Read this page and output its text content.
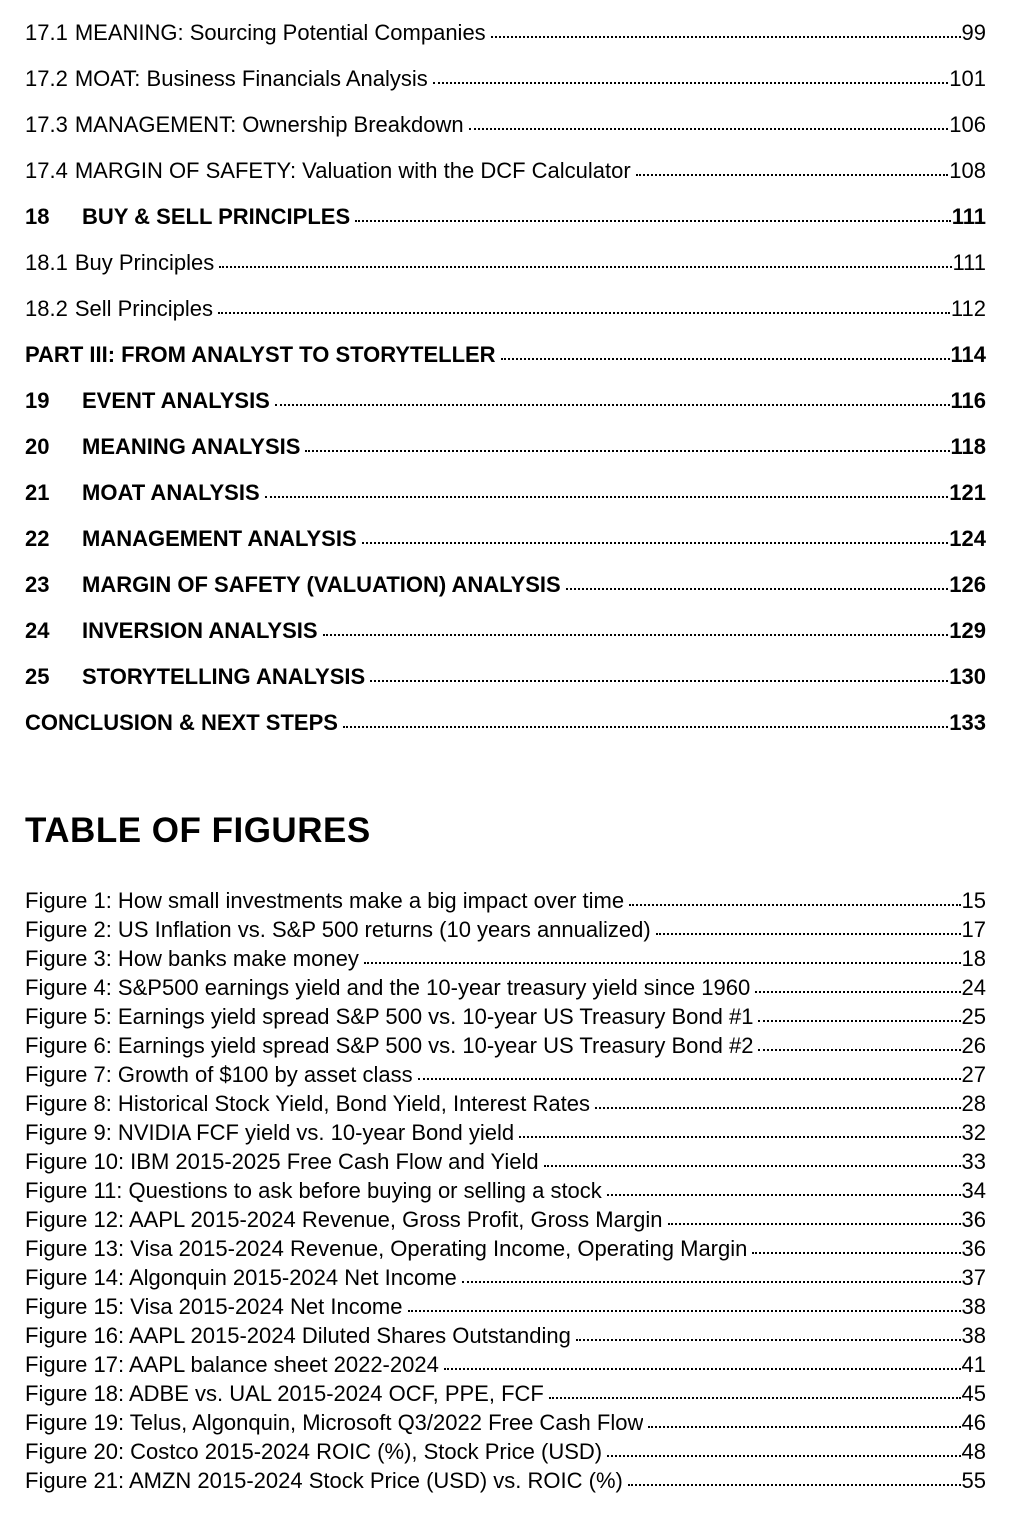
17.1 MEANING: Sourcing Potential Companies	99
17.2 MOAT: Business Financials Analysis	101
17.3 MANAGEMENT: Ownership Breakdown	106
17.4 MARGIN OF SAFETY: Valuation with the DCF Calculator	108
18	BUY & SELL PRINCIPLES	111
18.1 Buy Principles	111
18.2 Sell Principles	112
PART III: FROM ANALYST TO STORYTELLER	114
19	EVENT ANALYSIS	116
20	MEANING ANALYSIS	118
21	MOAT ANALYSIS	121
22	MANAGEMENT ANALYSIS	124
23	MARGIN OF SAFETY (VALUATION) ANALYSIS	126
24	INVERSION ANALYSIS	129
25	STORYTELLING ANALYSIS	130
CONCLUSION & NEXT STEPS	133
TABLE OF FIGURES
Figure 1: How small investments make a big impact over time	15
Figure 2: US Inflation vs. S&P 500 returns (10 years annualized)	17
Figure 3: How banks make money	18
Figure 4: S&P500 earnings yield and the 10-year treasury yield since 1960	24
Figure 5: Earnings yield spread S&P 500 vs. 10-year US Treasury Bond #1	25
Figure 6: Earnings yield spread S&P 500 vs. 10-year US Treasury Bond #2	26
Figure 7: Growth of $100 by asset class	27
Figure 8: Historical Stock Yield, Bond Yield, Interest Rates	28
Figure 9: NVIDIA FCF yield vs. 10-year Bond yield	32
Figure 10: IBM 2015-2025 Free Cash Flow and Yield	33
Figure 11: Questions to ask before buying or selling a stock	34
Figure 12: AAPL 2015-2024 Revenue, Gross Profit, Gross Margin	36
Figure 13: Visa 2015-2024 Revenue, Operating Income, Operating Margin	36
Figure 14: Algonquin 2015-2024 Net Income	37
Figure 15: Visa 2015-2024 Net Income	38
Figure 16: AAPL 2015-2024 Diluted Shares Outstanding	38
Figure 17: AAPL balance sheet 2022-2024	41
Figure 18: ADBE vs. UAL 2015-2024 OCF, PPE, FCF	45
Figure 19: Telus, Algonquin, Microsoft Q3/2022 Free Cash Flow	46
Figure 20: Costco 2015-2024 ROIC (%), Stock Price (USD)	48
Figure 21: AMZN 2015-2024 Stock Price (USD) vs. ROIC (%)	55
